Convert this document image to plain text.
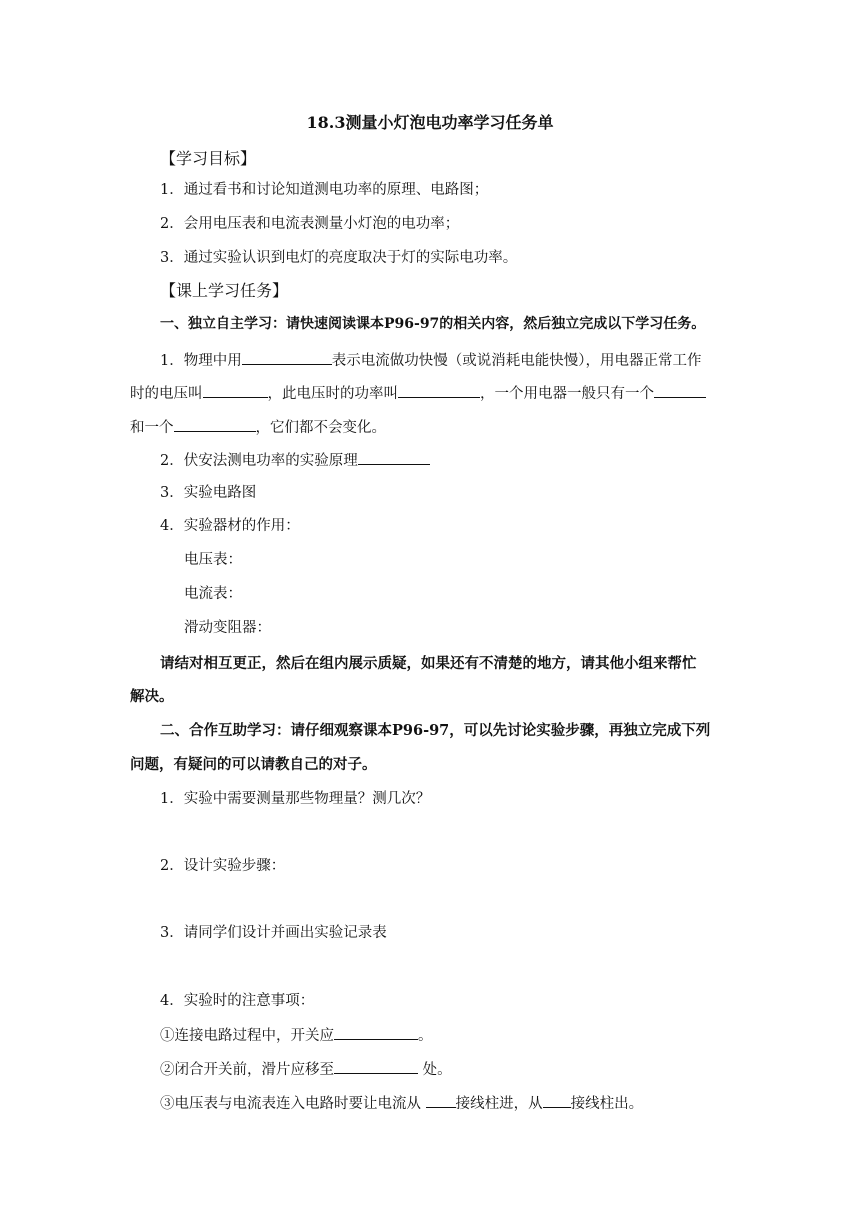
18.3测量小灯泡电功率学习任务单
【学习目标】
1．通过看书和讨论知道测电功率的原理、电路图；
2．会用电压表和电流表测量小灯泡的电功率；
3．通过实验认识到电灯的亮度取决于灯的实际电功率。
【课上学习任务】
一、独立自主学习：请快速阅读课本P96-97的相关内容，然后独立完成以下学习任务。
1．物理中用	表示电流做功快慢（或说消耗电能快慢），用电器正常工作
时的电压叫	，此电压时的功率叫	，一个用电器一般只有一个
和一个	，它们都不会变化。
2．伏安法测电功率的实验原理
3．实验电路图
4．实验器材的作用：
电压表：
电流表：
滑动变阻器：
请结对相互更正，然后在组内展示质疑，如果还有不清楚的地方，请其他小组来帮忙
解决。
二、合作互助学习：请仔细观察课本P96-97，可以先讨论实验步骤，再独立完成下列
问题，有疑问的可以请教自己的对子。
1．实验中需要测量那些物理量？测几次？
2．设计实验步骤：
3．请同学们设计并画出实验记录表
4．实验时的注意事项：
①连接电路过程中，开关应	。
②闭合开关前，滑片应移至	处。
③电压表与电流表连入电路时要让电流从 接线柱进，从 接线柱出。
